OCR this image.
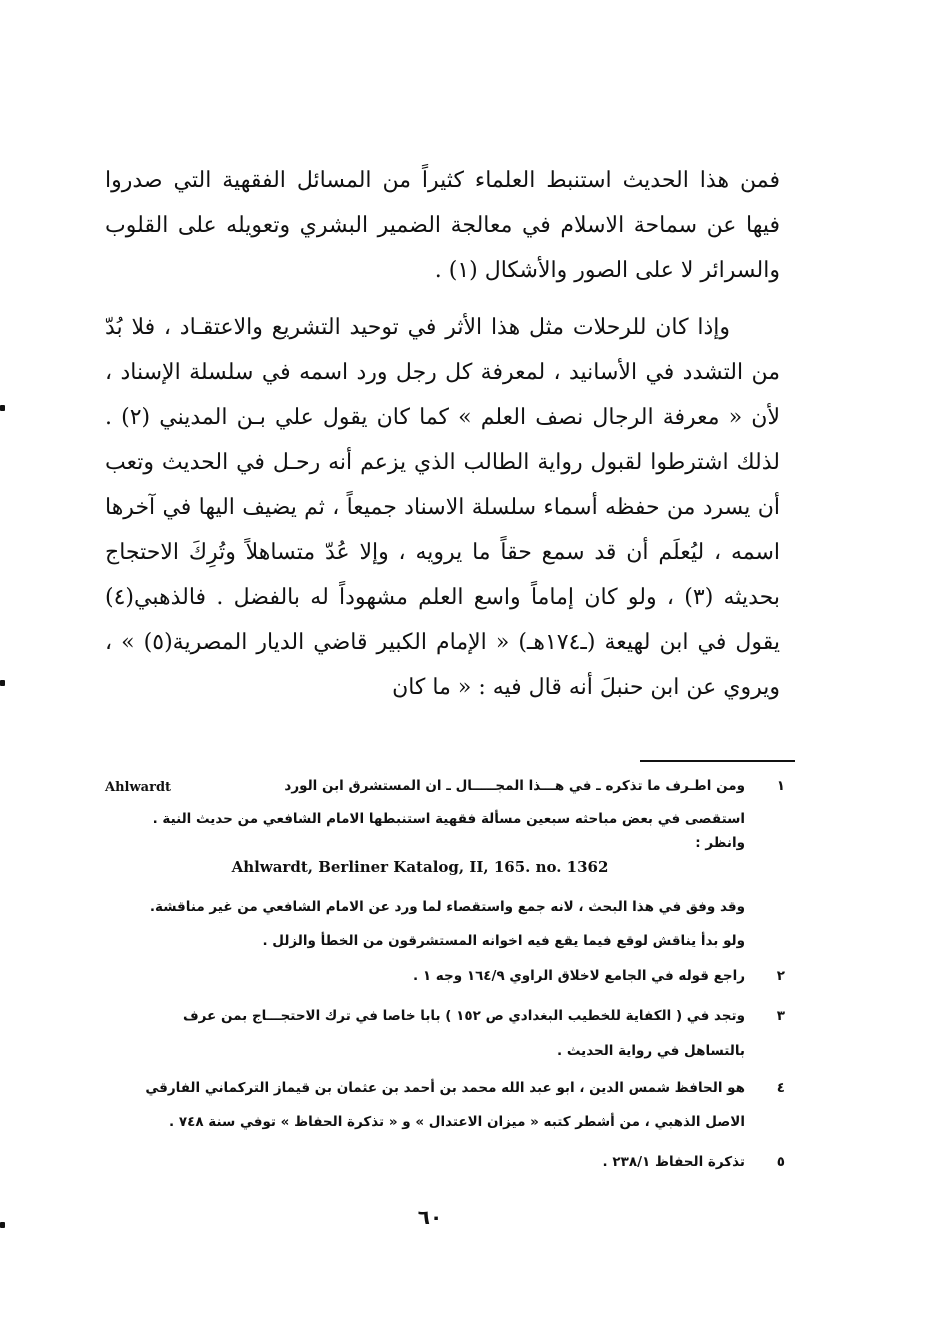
فمن هذا الحديث استنبط العلماء كثيراً من المسائل الفقهية التي صدروا فيها عن سماحة الاسلام في معالجة الضمير البشري وتعويله على القلوب والسرائر لا على الصور والأشكال (١) .

وإذا كان للرحلات مثل هذا الأثر في توحيد التشريع والاعتقـاد ، فلا بُدّ من التشدد في الأسانيد ، لمعرفة كل رجل ورد اسمه في سلسلة الإسناد ، لأن « معرفة الرجال نصف العلم » كما كان يقول علي بـن المديني (٢) . لذلك اشترطوا لقبول رواية الطالب الذي يزعم أنه رحـل في الحديث وتعب أن يسرد من حفظه أسماء سلسلة الاسناد جميعاً ، ثم يضيف اليها في آخرها اسمه ، ليُعلَم أن قد سمع حقاً ما يرويه ، وإلا عُدّ متساهلاً وتُرِكَ الاحتجاج بحديثه (٣) ، ولو كان إماماً واسع العلم مشهوداً له بالفضل . فالذهبي(٤) يقول في ابن لهيعة (ـ١٧٤هـ) « الإمام الكبير قاضي الديار المصرية(٥) » ، ويروي عن ابن حنبلَ أنه قال فيه : « ما كان

Ahlwardt	١
ومن اطـرف ما تذكره ـ في هـــذا المجـــــال ـ ان المستشرق ابن الورد
استقصى في بعض مباحثه سبعين مسألة فقهية استنبطها الامام الشافعي من حديث النية .
وانظر :
وقد وفق في هذا البحث ، لانه جمع واستقصاء لما ورد عن الامام الشافعي من غير مناقشة.
ولو بدأ يناقش لوقع فيما يقع فيه اخوانه المستشرقون من الخطأ والزلل .
٢
راجع قوله في الجامع لاخلاق الراوي ١٦٤/٩ وجه ١ .
٣
وتجد في ( الكفاية للخطيب البغدادي ص ١٥٢ ) بابا خاصا في ترك الاحتجـــاج بمن عرف
بالتساهل في رواية الحديث .
٤
هو الحافظ شمس الدين ، ابو عبد الله محمد بن أحمد بن عثمان بن قيماز التركماني الفارقي
الاصل الذهبي ، من أشطر كتبه « ميزان الاعتدال » و « تذكرة الحفاظ » توفي سنة ٧٤٨ .
٥
تذكرة الحفاظ ٢٣٨/١ .
Ahlwardt, Berliner Katalog, II, 165. no. 1362
٦٠
